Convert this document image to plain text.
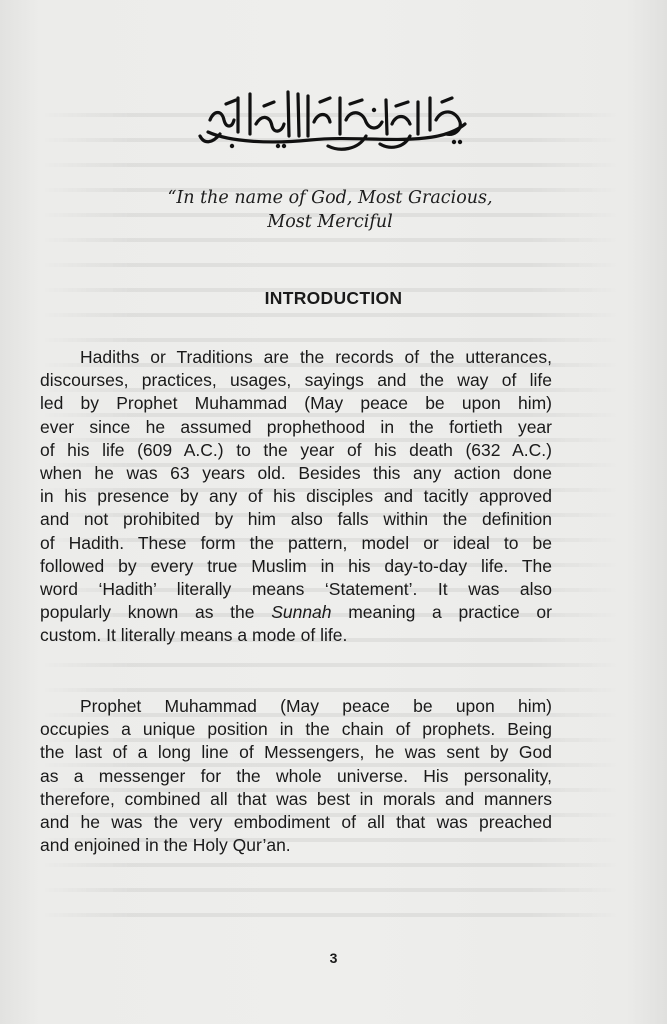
“In the name of God, Most Gracious,
Most Merciful
INTRODUCTION
Hadiths or Traditions are the records of the utterances,
discourses, practices, usages, sayings and the way of life
led by Prophet Muhammad (May peace be upon him)
ever since he assumed prophethood in the fortieth year
of his life (609 A.C.) to the year of his death (632 A.C.)
when he was 63 years old. Besides this any action done
in his presence by any of his disciples and tacitly approved
and not prohibited by him also falls within the definition
of Hadith. These form the pattern, model or ideal to be
followed by every true Muslim in his day-to-day life. The
word ‘Hadith’ literally means ‘Statement’. It was also
popularly known as the Sunnah meaning a practice or
custom. It literally means a mode of life.
Prophet Muhammad (May peace be upon him)
occupies a unique position in the chain of prophets. Being
the last of a long line of Messengers, he was sent by God
as a messenger for the whole universe. His personality,
therefore, combined all that was best in morals and manners
and he was the very embodiment of all that was preached
and enjoined in the Holy Qur’an.
3
